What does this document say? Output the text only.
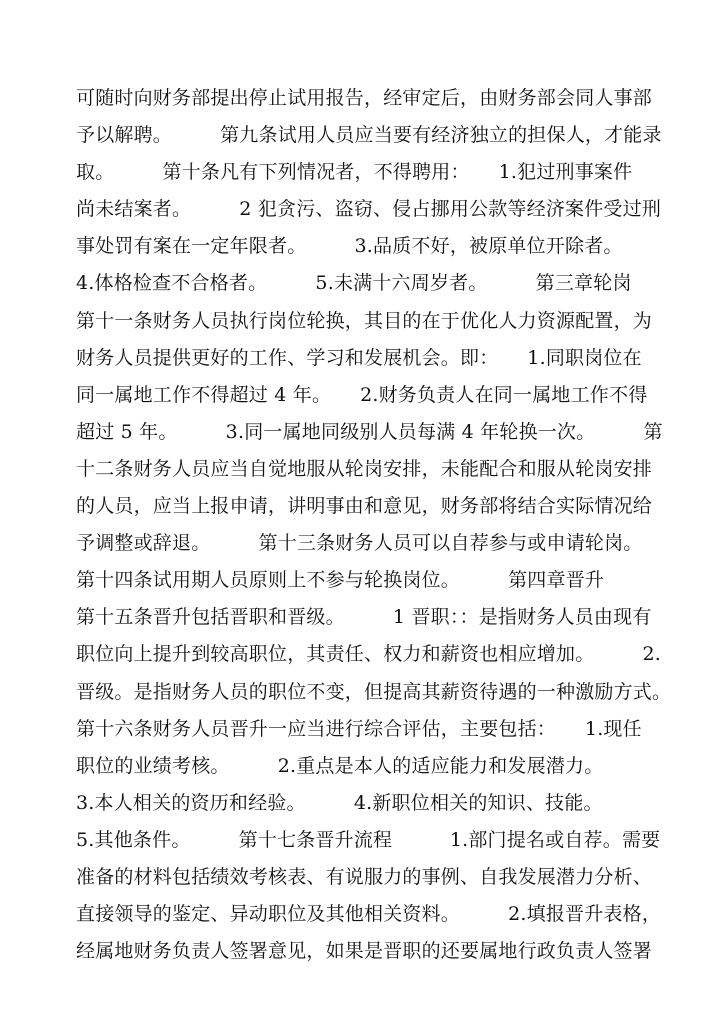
可随时向财务部提出停止试用报告，经审定后，由财务部会同人事部
予以解聘。　　　第九条试用人员应当要有经济独立的担保人，才能录
取。　　　第十条凡有下列情况者，不得聘用：　　1.犯过刑事案件
尚未结案者。　　　2 犯贪污、盗窃、侵占挪用公款等经济案件受过刑
事处罚有案在一定年限者。　　　3.品质不好，被原单位开除者。
4.体格检查不合格者。　　　5.未满十六周岁者。　　　第三章轮岗
第十一条财务人员执行岗位轮换，其目的在于优化人力资源配置，为
财务人员提供更好的工作、学习和发展机会。即：　　1.同职岗位在
同一属地工作不得超过 4 年。　　2.财务负责人在同一属地工作不得
超过 5 年。　　　3.同一属地同级别人员每满 4 年轮换一次。　　　第
十二条财务人员应当自觉地服从轮岗安排，未能配合和服从轮岗安排
的人员，应当上报申请，讲明事由和意见，财务部将结合实际情况给
予调整或辞退。　　　第十三条财务人员可以自荐参与或申请轮岗。
第十四条试用期人员原则上不参与轮换岗位。　　　第四章晋升
第十五条晋升包括晋职和晋级。　　　1 晋职：：是指财务人员由现有
职位向上提升到较高职位，其责任、权力和薪资也相应增加。　　　2.
晋级。是指财务人员的职位不变，但提高其薪资待遇的一种激励方式。
第十六条财务人员晋升一应当进行综合评估，主要包括：　　1.现任
职位的业绩考核。　　　2.重点是本人的适应能力和发展潜力。
3.本人相关的资历和经验。　　　4.新职位相关的知识、技能。
5.其他条件。　　　第十七条晋升流程　　　1.部门提名或自荐。需要
准备的材料包括绩效考核表、有说服力的事例、自我发展潜力分析、
直接领导的鉴定、异动职位及其他相关资料。　　　2.填报晋升表格，
经属地财务负责人签署意见，如果是晋职的还要属地行政负责人签署
